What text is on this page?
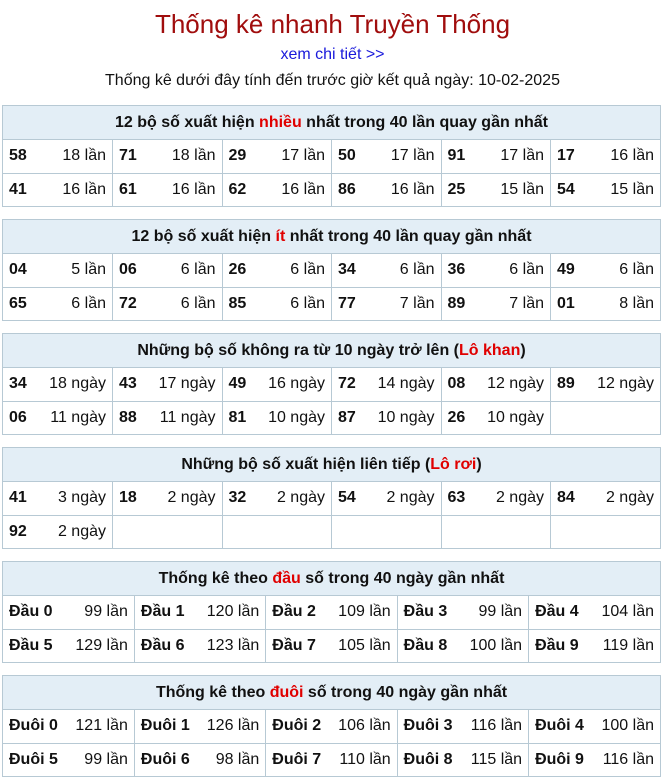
Thống kê nhanh Truyền Thống
xem chi tiết >>
Thống kê dưới đây tính đến trước giờ kết quả ngày: 10-02-2025
12 bộ số xuất hiện nhiều nhất trong 40 lần quay gần nhất
58 18 lần	71 18 lần	29 17 lần	50 17 lần	91 17 lần	17 16 lần

41 16 lần	61 16 lần	62 16 lần	86 16 lần	25 15 lần	54 15 lần
12 bộ số xuất hiện ít nhất trong 40 lần quay gần nhất
04 5 lần	06 6 lần	26 6 lần	34 6 lần	36 6 lần	49 6 lần

65 6 lần	72 6 lần	85 6 lần	77 7 lần	89 7 lần	01 8 lần
Những bộ số không ra từ 10 ngày trở lên (Lô khan)
34 18 ngày	43 17 ngày	49 16 ngày	72 14 ngày	08 12 ngày	89 12 ngày

06 11 ngày	88 11 ngày	81 10 ngày	87 10 ngày	26 10 ngày	

Những bộ số xuất hiện liên tiếp (Lô rơi)
41 3 ngày	18 2 ngày	32 2 ngày	54 2 ngày	63 2 ngày	84 2 ngày

92 2 ngày					

Thống kê theo đầu số trong 40 ngày gần nhất
Đầu 0 99 lần	Đầu 1 120 lần	Đầu 2 109 lần	Đầu 3 99 lần	Đầu 4 104 lần

Đầu 5 129 lần	Đầu 6 123 lần	Đầu 7 105 lần	Đầu 8 100 lần	Đầu 9 119 lần
Thống kê theo đuôi số trong 40 ngày gần nhất
Đuôi 0 121 lần	Đuôi 1 126 lần	Đuôi 2 106 lần	Đuôi 3 116 lần	Đuôi 4 100 lần

Đuôi 5 99 lần	Đuôi 6 98 lần	Đuôi 7 110 lần	Đuôi 8 115 lần	Đuôi 9 116 lần
